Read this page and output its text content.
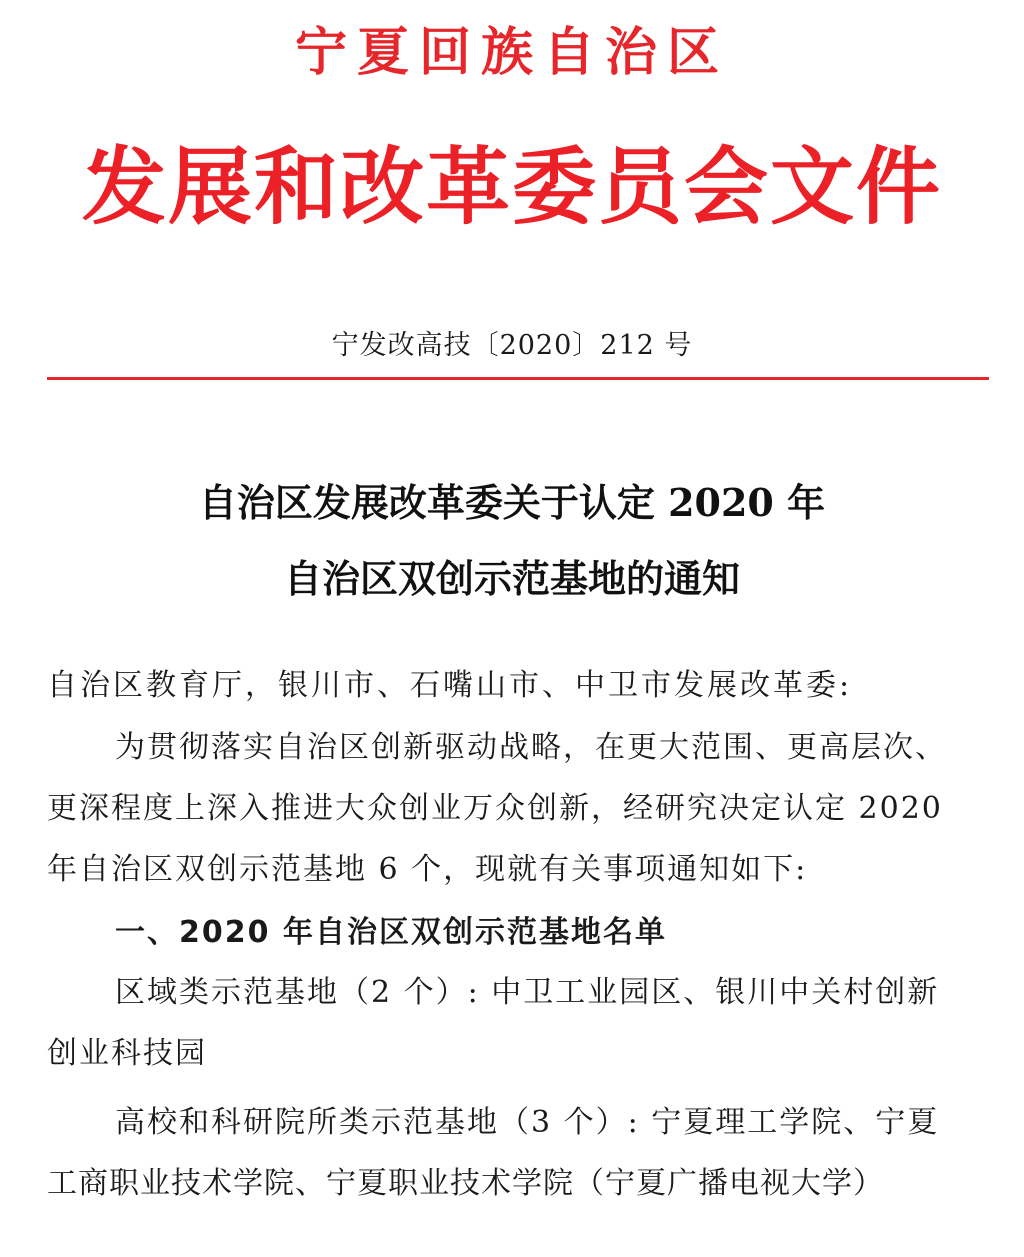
宁夏回族自治区
发展和改革委员会文件
宁发改高技〔2020〕212 号
自治区发展改革委关于认定 2020 年
自治区双创示范基地的通知
自治区教育厅，银川市、石嘴山市、中卫市发展改革委:
为贯彻落实自治区创新驱动战略，在更大范围、更高层次、
更深程度上深入推进大众创业万众创新，经研究决定认定 2020
年自治区双创示范基地 6 个，现就有关事项通知如下:
一、2020 年自治区双创示范基地名单
区域类示范基地（2 个）: 中卫工业园区、银川中关村创新
创业科技园
高校和科研院所类示范基地（3 个）: 宁夏理工学院、宁夏
工商职业技术学院、宁夏职业技术学院（宁夏广播电视大学）
